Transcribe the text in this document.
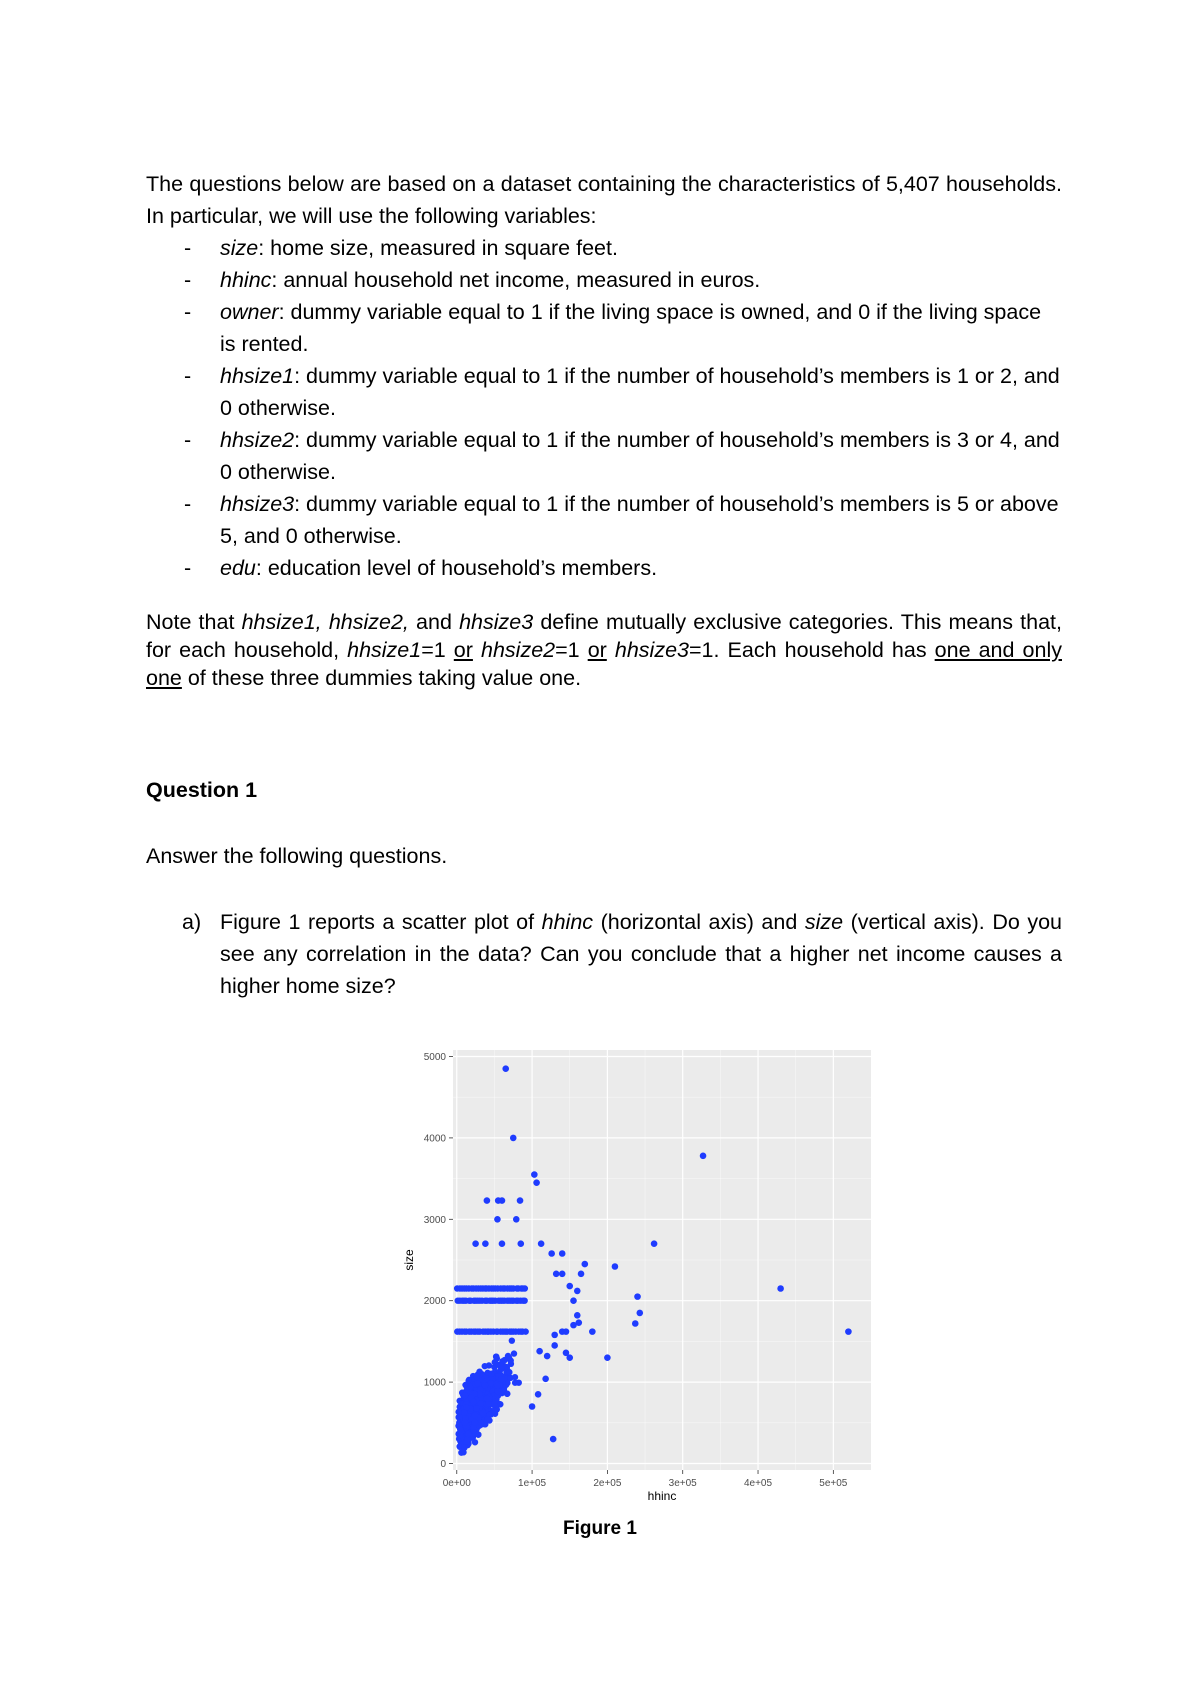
The questions below are based on a dataset containing the characteristics of 5,407 households. In particular, we will use the following variables:

- size: home size, measured in square feet.
- hhinc: annual household net income, measured in euros.
- owner: dummy variable equal to 1 if the living space is owned, and 0 if the living space is rented.
- hhsize1: dummy variable equal to 1 if the number of household’s members is 1 or 2, and 0 otherwise.
- hhsize2: dummy variable equal to 1 if the number of household’s members is 3 or 4, and 0 otherwise.
- hhsize3: dummy variable equal to 1 if the number of household’s members is 5 or above 5, and 0 otherwise.
- edu: education level of household’s members.

Note that hhsize1, hhsize2, and hhsize3 define mutually exclusive categories. This means that, for each household, hhsize1=1 or hhsize2=1 or hhsize3=1. Each household has one and only one of these three dummies taking value one.

Question 1
Answer the following questions.
a) Figure 1 reports a scatter plot of hhinc (horizontal axis) and size (vertical axis). Do you see any correlation in the data? Can you conclude that a higher net income causes a higher home size?
0
1000
2000
3000
4000
5000
0e+00	1e+05	2e+05	3e+05	4e+05	5e+05
hhinc
size
Figure 1
